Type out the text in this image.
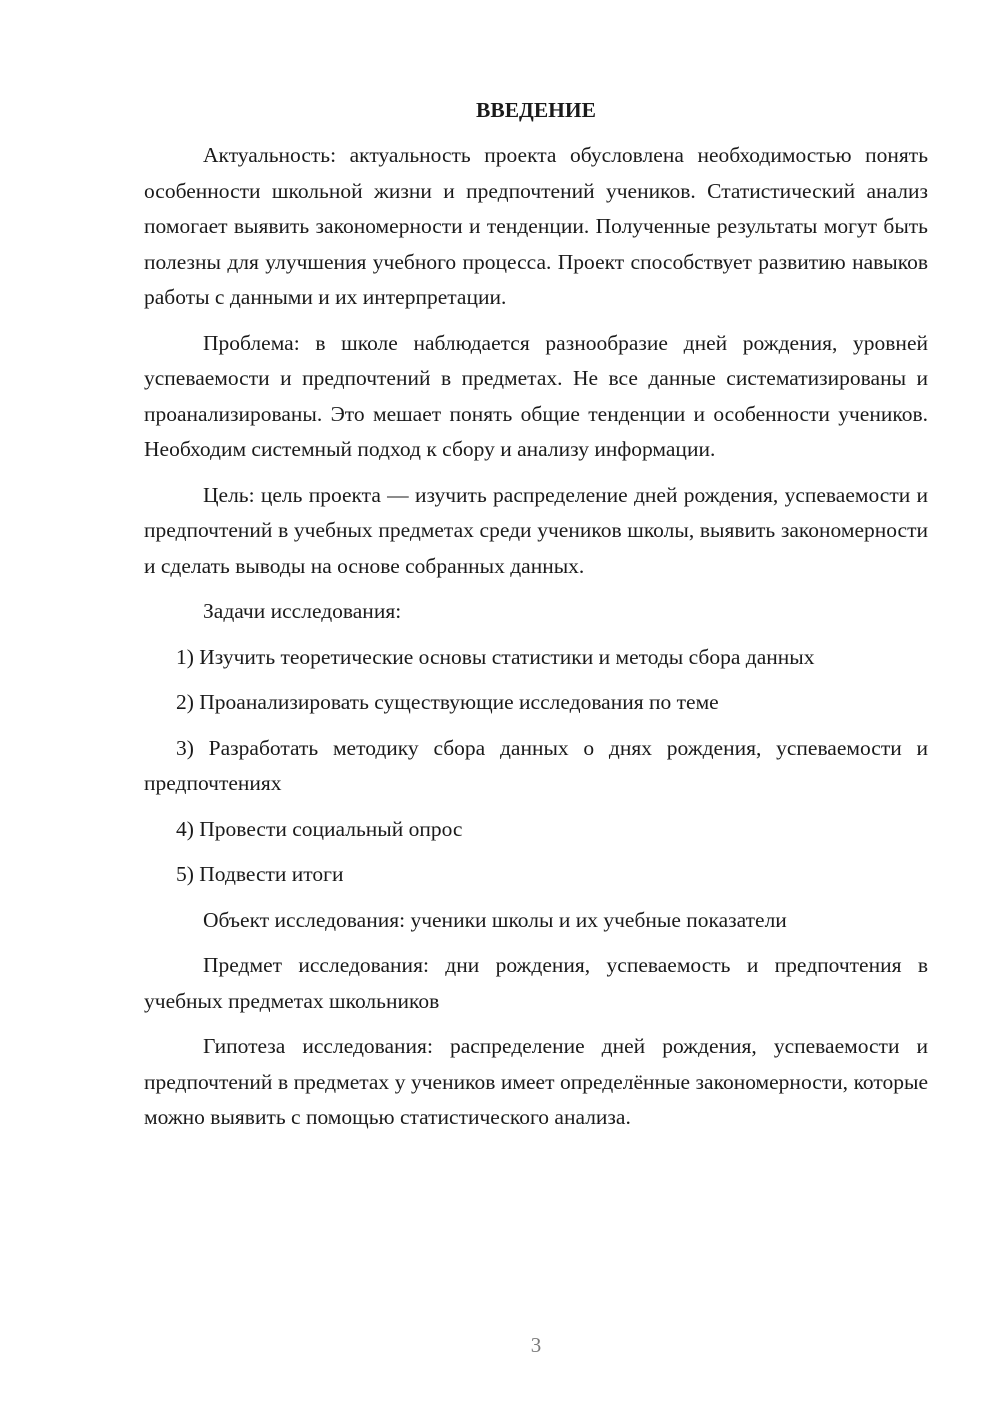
ВВЕДЕНИЕ

Актуальность: актуальность проекта обусловлена необходимостью понять особенности школьной жизни и предпочтений учеников. Статистический анализ помогает выявить закономерности и тенденции. Полученные результаты могут быть полезны для улучшения учебного процесса. Проект способствует развитию навыков работы с данными и их интерпретации.

Проблема: в школе наблюдается разнообразие дней рождения, уровней успеваемости и предпочтений в предметах. Не все данные систематизированы и проанализированы. Это мешает понять общие тенденции и особенности учеников. Необходим системный подход к сбору и анализу информации.

Цель: цель проекта — изучить распределение дней рождения, успеваемости и предпочтений в учебных предметах среди учеников школы, выявить закономерности и сделать выводы на основе собранных данных.

Задачи исследования:

1) Изучить теоретические основы статистики и методы сбора данных

2) Проанализировать существующие исследования по теме

3) Разработать методику сбора данных о днях рождения, успеваемости и предпочтениях

4) Провести социальный опрос

5) Подвести итоги

Объект исследования: ученики школы и их учебные показатели

Предмет исследования: дни рождения, успеваемость и предпочтения в учебных предметах школьников

Гипотеза исследования: распределение дней рождения, успеваемости и предпочтений в предметах у учеников имеет определённые закономерности, которые можно выявить с помощью статистического анализа.

3
